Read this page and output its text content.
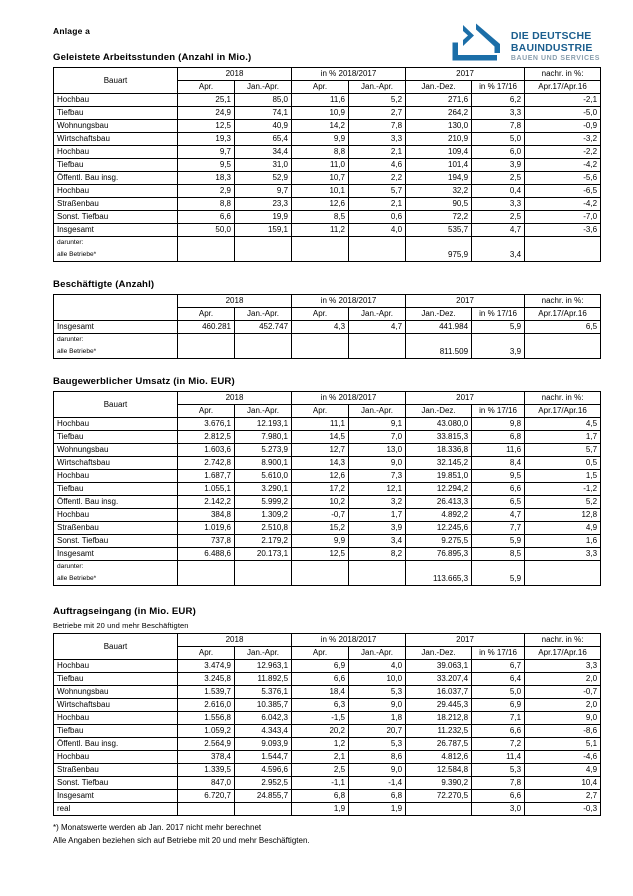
Anlage a	DIE DEUTSCHE
BAUINDUSTRIE
BAUEN UND SERVICES
Geleistete Arbeitsstunden (Anzahl in Mio.)
Bauart	2018		in % 2018/2017		2017		nachr. in %:
	Apr.	Jan.-Apr.	Apr.	Jan.-Apr.	Jan.-Dez.	in % 17/16	Apr.17/Apr.16
Hochbau	25,1	85,0	11,6	5,2	271,6	6,2	-2,1
Tiefbau	24,9	74,1	10,9	2,7	264,2	3,3	-5,0
Wohnungsbau	12,5	40,9	14,2	7,8	130,0	7,8	-0,9
Wirtschaftsbau	19,3	65,4	9,9	3,3	210,9	5,0	-3,2
Hochbau	9,7	34,4	8,8	2,1	109,4	6,0	-2,2
Tiefbau	9,5	31,0	11,0	4,6	101,4	3,9	-4,2
Öffentl. Bau insg.	18,3	52,9	10,7	2,2	194,9	2,5	-5,6
Hochbau	2,9	9,7	10,1	5,7	32,2	0,4	-6,5
Straßenbau	8,8	23,3	12,6	2,1	90,5	3,3	-4,2
Sonst. Tiefbau	6,6	19,9	8,5	0,6	72,2	2,5	-7,0
Insgesamt	50,0	159,1	11,2	4,0	535,7	4,7	-3,6

darunter:
alle Betriebe*					975,9	3,4	
Beschäftigte (Anzahl)
	2018		in % 2018/2017		2017		nachr. in %:
	Apr.	Jan.-Apr.	Apr.	Jan.-Apr.	Jan.-Dez.	in % 17/16	Apr.17/Apr.16
Insgesamt	460.281	452.747	4,3	4,7	441.984	5,9	6,5

darunter:
alle Betriebe*					811.509	3,9	
Baugewerblicher Umsatz (in Mio. EUR)
Bauart	2018		in % 2018/2017		2017		nachr. in %:
	Apr.	Jan.-Apr.	Apr.	Jan.-Apr.	Jan.-Dez.	in % 17/16	Apr.17/Apr.16
Hochbau	3.676,1	12.193,1	11,1	9,1	43.080,0	9,8	4,5
Tiefbau	2.812,5	7.980,1	14,5	7,0	33.815,3	6,8	1,7
Wohnungsbau	1.603,6	5.273,9	12,7	13,0	18.336,8	11,6	5,7
Wirtschaftsbau	2.742,8	8.900,1	14,3	9,0	32.145,2	8,4	0,5
Hochbau	1.687,7	5.610,0	12,6	7,3	19.851,0	9,5	1,5
Tiefbau	1.055,1	3.290,1	17,2	12,1	12.294,2	6,6	-1,2
Öffentl. Bau insg.	2.142,2	5.999,2	10,2	3,2	26.413,3	6,5	5,2
Hochbau	384,8	1.309,2	-0,7	1,7	4.892,2	4,7	12,8
Straßenbau	1.019,6	2.510,8	15,2	3,9	12.245,6	7,7	4,9
Sonst. Tiefbau	737,8	2.179,2	9,9	3,4	9.275,5	5,9	1,6
Insgesamt	6.488,6	20.173,1	12,5	8,2	76.895,3	8,5	3,3

darunter:
alle Betriebe*					113.665,3	5,9	
Auftragseingang (in Mio. EUR)
Betriebe mit 20 und mehr Beschäftigten
Bauart	2018		in % 2018/2017		2017		nachr. in %:
	Apr.	Jan.-Apr.	Apr.	Jan.-Apr.	Jan.-Dez.	in % 17/16	Apr.17/Apr.16
Hochbau	3.474,9	12.963,1	6,9	4,0	39.063,1	6,7	3,3
Tiefbau	3.245,8	11.892,5	6,6	10,0	33.207,4	6,4	2,0
Wohnungsbau	1.539,7	5.376,1	18,4	5,3	16.037,7	5,0	-0,7
Wirtschaftsbau	2.616,0	10.385,7	6,3	9,0	29.445,3	6,9	2,0
Hochbau	1.556,8	6.042,3	-1,5	1,8	18.212,8	7,1	9,0
Tiefbau	1.059,2	4.343,4	20,2	20,7	11.232,5	6,6	-8,6
Öffentl. Bau insg.	2.564,9	9.093,9	1,2	5,3	26.787,5	7,2	5,1
Hochbau	378,4	1.544,7	2,1	8,6	4.812,6	11,4	-4,6
Straßenbau	1.339,5	4.596,6	2,5	9,0	12.584,8	5,3	4,9
Sonst. Tiefbau	847,0	2.952,5	-1,1	-1,4	9.390,2	7,8	10,4
Insgesamt	6.720,7	24.855,7	6,8	6,8	72.270,5	6,6	2,7
real			1,9	1,9		3,0	-0,3
*) Monatswerte werden ab Jan. 2017 nicht mehr berechnet
Alle Angaben beziehen sich auf Betriebe mit 20 und mehr Beschäftigten.
